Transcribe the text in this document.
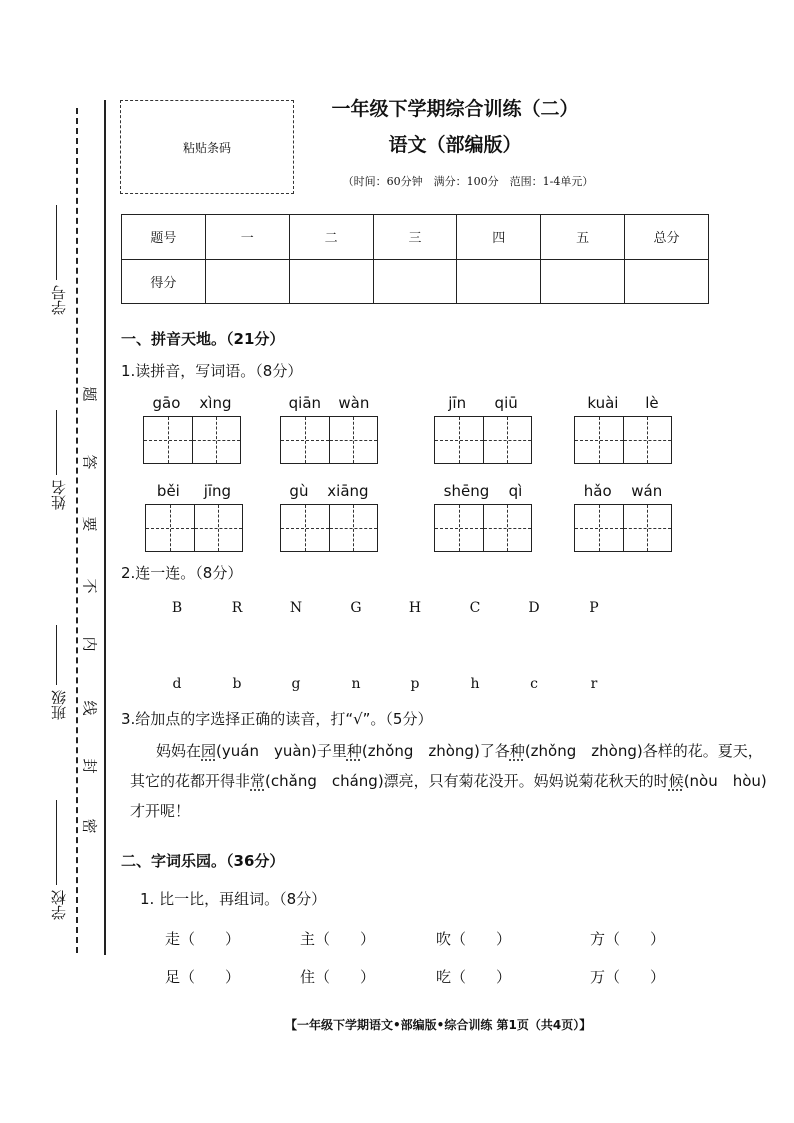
学号
姓名
班级
学校
题
答
要
不
内
线
封
密
粘贴条码
一年级下学期综合训练（二）
语文（部编版）
（时间：60分钟　满分：100分　范围：1-4单元）
题号	一	二	三	四	五	总分
得分						
一、拼音天地。（21分）
1.读拼音，写词语。（8分）
gāo xìng	qiān wàn	jīn qiū	kuài lè
běi jīng	gù xiāng	shēng qì	hǎo wán
2.连一连。（8分）
B	R	N	G	H	C	D	P
d	b	g	n	p	h	c	r
3.给加点的字选择正确的读音，打“√”。（5分）
妈妈在园(yuán　yuàn)子里种(zhǒng　zhòng)了各种(zhǒng　zhòng)各样的花。夏天，其它的花都开得非常(chǎng　cháng)漂亮，只有菊花没开。妈妈说菊花秋天的时候(nòu　hòu)才开呢！
二、字词乐园。（36分）
1. 比一比，再组词。（8分）
走（　　）	主（　　）	吹（　　）	方（　　）
足（　　）	住（　　）	吃（　　）	万（　　）
【一年级下学期语文•部编版•综合训练 第1页（共4页）】
